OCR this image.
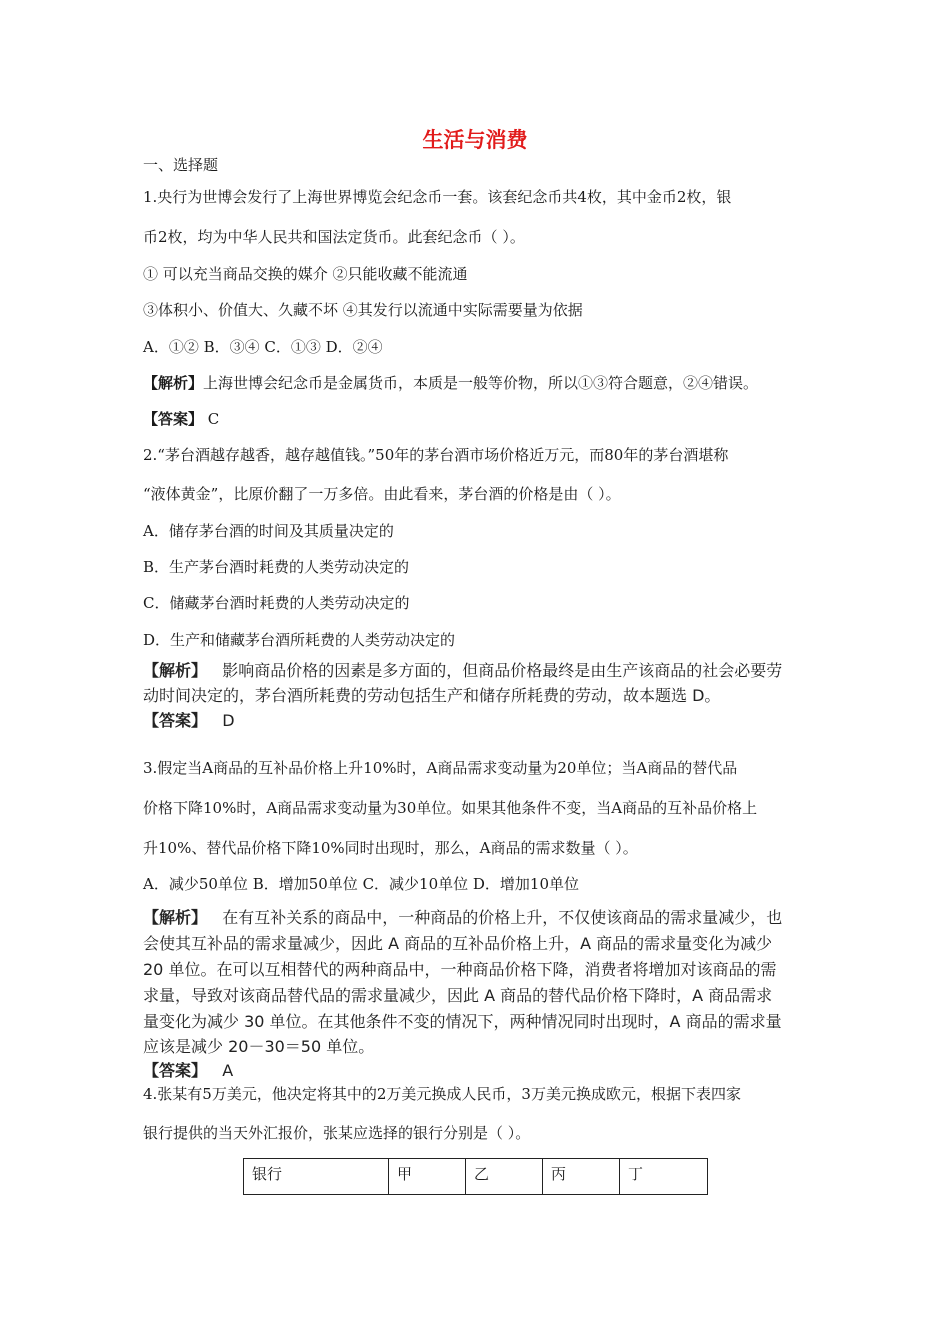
生活与消费
一、选择题
1.央行为世博会发行了上海世界博览会纪念币一套。该套纪念币共4枚，其中金币2枚，银
币2枚，均为中华人民共和国法定货币。此套纪念币（ ）。
① 可以充当商品交换的媒介 ②只能收藏不能流通
③体积小、价值大、久藏不坏 ④其发行以流通中实际需要量为依据
A．①② B．③④ C．①③ D．②④
【解析】上海世博会纪念币是金属货币，本质是一般等价物，所以①③符合题意，②④错误。
【答案】 C
2.“茅台酒越存越香，越存越值钱。”50年的茅台酒市场价格近万元，而80年的茅台酒堪称
“液体黄金”，比原价翻了一万多倍。由此看来，茅台酒的价格是由（ ）。
A．储存茅台酒的时间及其质量决定的
B．生产茅台酒时耗费的人类劳动决定的
C．储藏茅台酒时耗费的人类劳动决定的
D．生产和储藏茅台酒所耗费的人类劳动决定的
【解析】 影响商品价格的因素是多方面的，但商品价格最终是由生产该商品的社会必要劳
动时间决定的，茅台酒所耗费的劳动包括生产和储存所耗费的劳动，故本题选 D。
【答案】 D
3.假定当A商品的互补品价格上升10%时，A商品需求变动量为20单位；当A商品的替代品
价格下降10%时，A商品需求变动量为30单位。如果其他条件不变，当A商品的互补品价格上
升10%、替代品价格下降10%同时出现时，那么，A商品的需求数量（ ）。
A．减少50单位 B．增加50单位 C．减少10单位 D．增加10单位
【解析】 在有互补关系的商品中，一种商品的价格上升，不仅使该商品的需求量减少，也
会使其互补品的需求量减少，因此 A 商品的互补品价格上升，A 商品的需求量变化为减少
20 单位。在可以互相替代的两种商品中，一种商品价格下降，消费者将增加对该商品的需
求量，导致对该商品替代品的需求量减少，因此 A 商品的替代品价格下降时，A 商品需求
量变化为减少 30 单位。在其他条件不变的情况下，两种情况同时出现时，A 商品的需求量
应该是减少 20－30＝50 单位。
【答案】 A
4.张某有5万美元，他决定将其中的2万美元换成人民币，3万美元换成欧元，根据下表四家
银行提供的当天外汇报价，张某应选择的银行分别是（ ）。
银行	甲	乙	丙	丁
